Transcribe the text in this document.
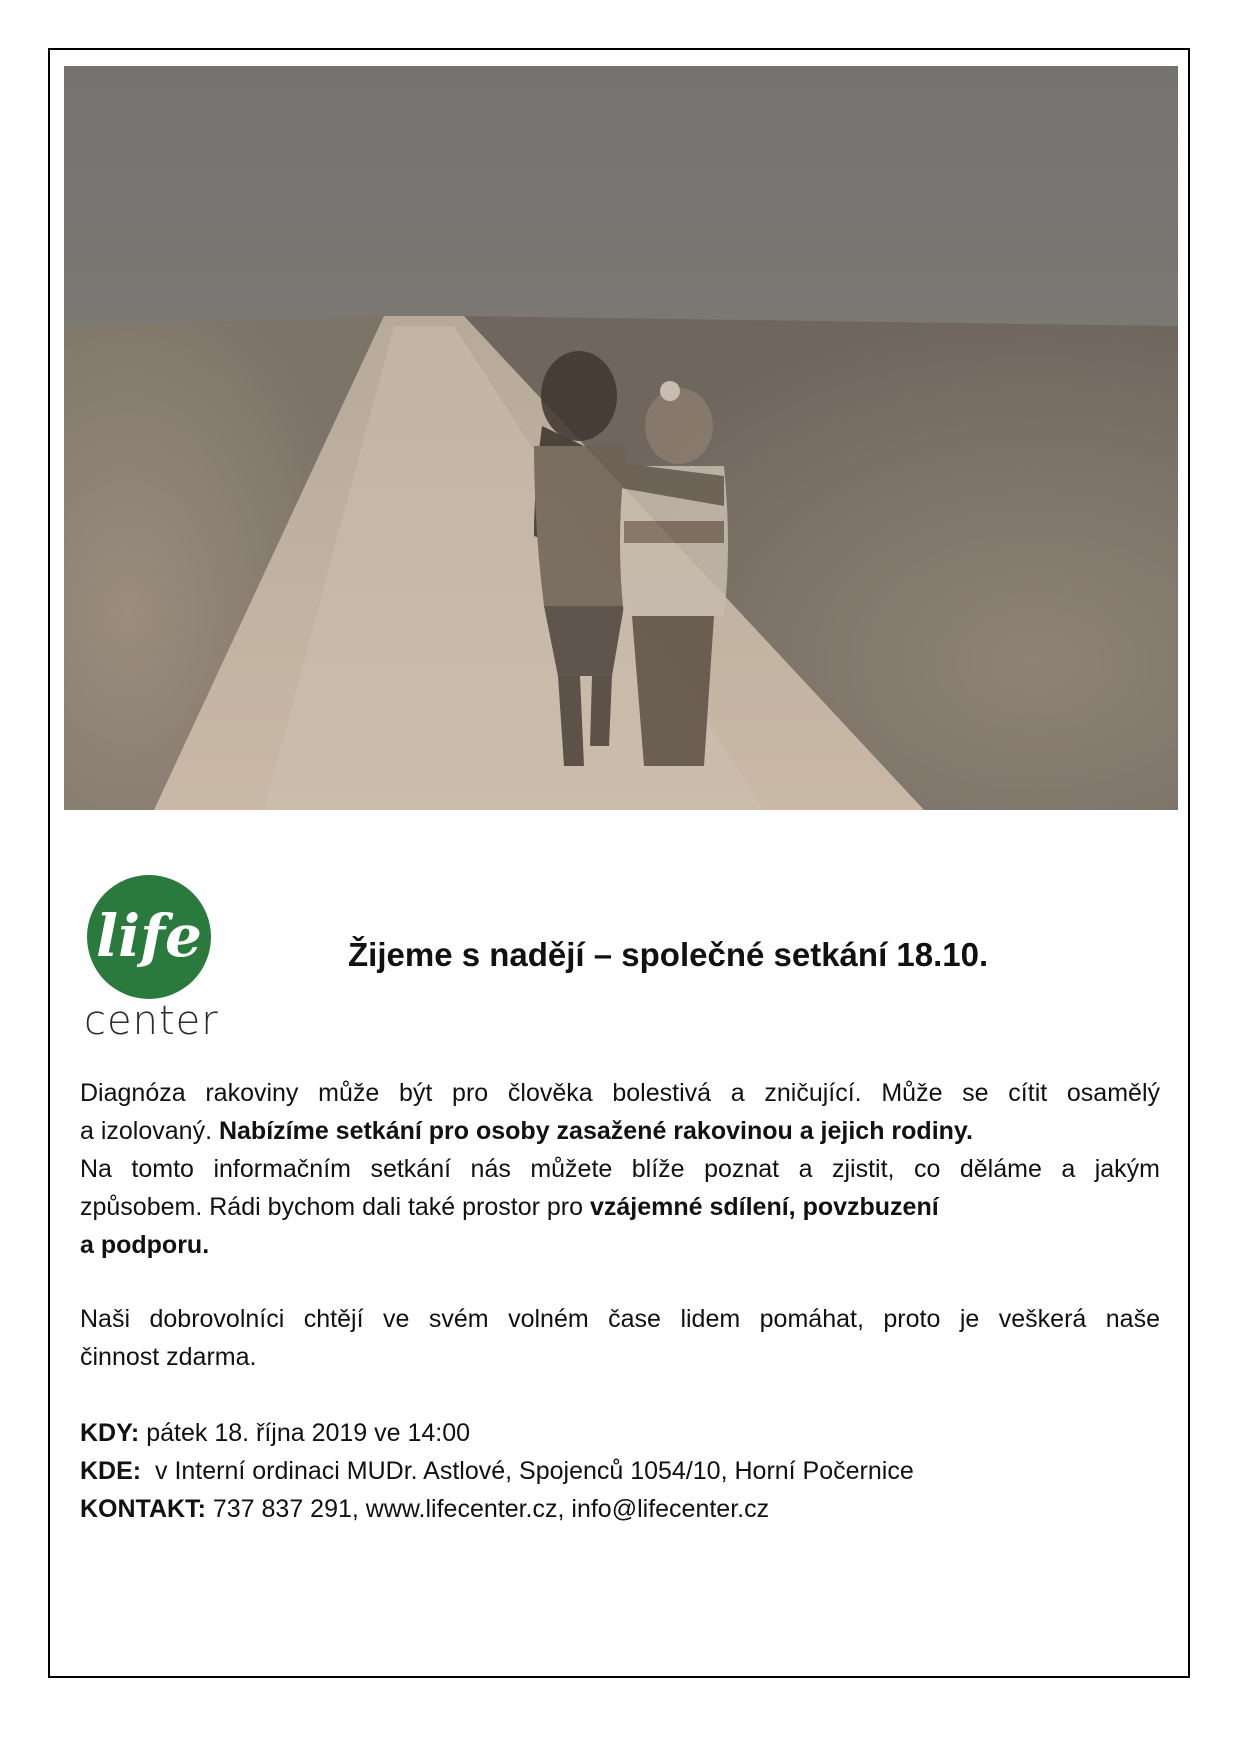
life
center
Žijeme s nadějí – společné setkání 18.10.
Diagnóza rakoviny může být pro člověka bolestivá a zničující. Může se cítit osamělý
a izolovaný. Nabízíme setkání pro osoby zasažené rakovinou a jejich rodiny.
Na tomto informačním setkání nás můžete blíže poznat a zjistit, co děláme a jakým
způsobem. Rádi bychom dali také prostor pro vzájemné sdílení, povzbuzení
a podporu.
Naši dobrovolníci chtějí ve svém volném čase lidem pomáhat, proto je veškerá naše
činnost zdarma.
KDY: pátek 18. října 2019 ve 14:00
KDE:  v Interní ordinaci MUDr. Astlové, Spojenců 1054/10, Horní Počernice
KONTAKT: 737 837 291, www.lifecenter.cz, info@lifecenter.cz
